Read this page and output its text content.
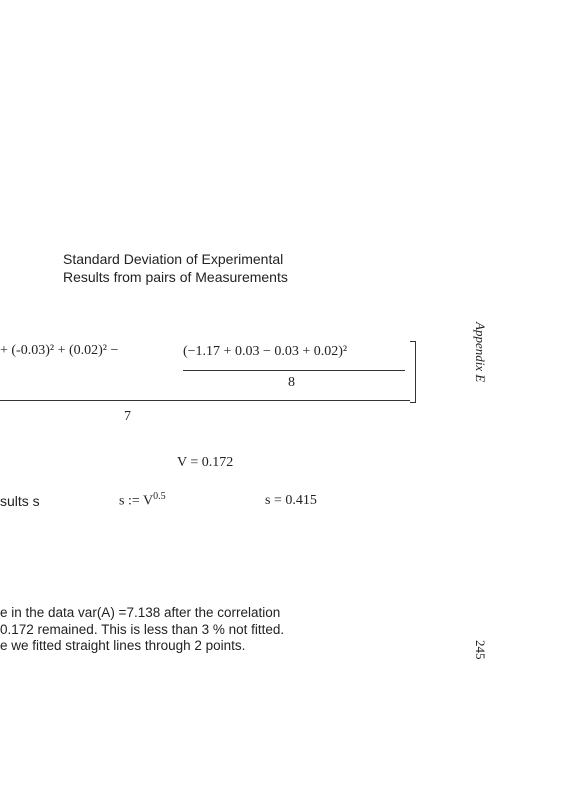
Standard Deviation of Experimental
Results from pairs of Measurements
+ (-0.03)² + (0.02)² −	(−1.17 + 0.03 − 0.03 + 0.02)²
8
7
V = 0.172
sults s	s := $V^{0.5}$	s = 0.415
e in the data var(A) =7.138 after the correlation
0.172 remained. This is less than 3 % not fitted.
e we fitted straight lines through 2 points.
Appendix E
245
